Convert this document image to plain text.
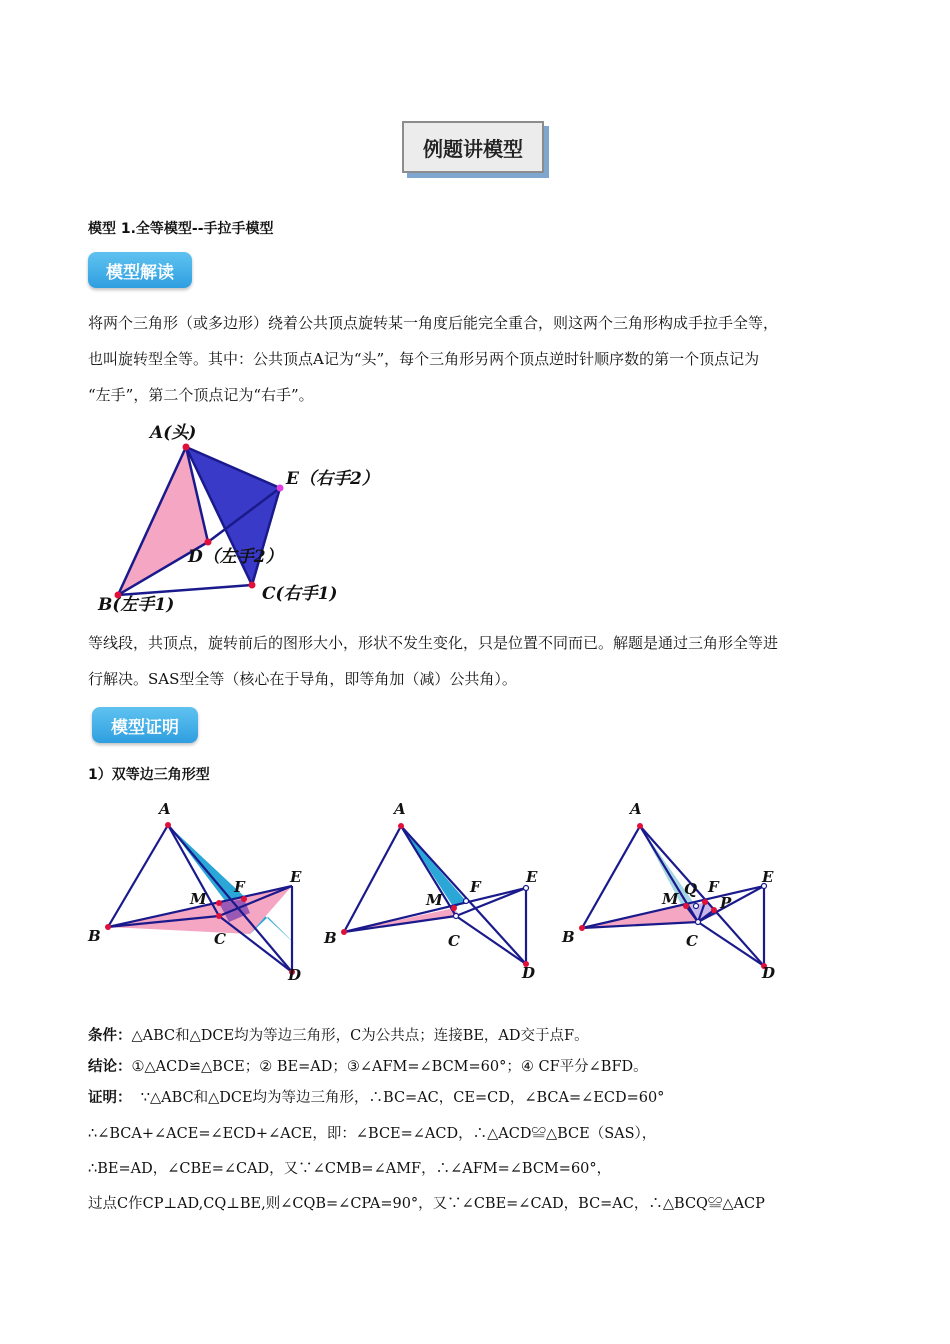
例题讲模型
模型 1.全等模型--手拉手模型
模型解读
将两个三角形（或多边形）绕着公共顶点旋转某一角度后能完全重合，则这两个三角形构成手拉手全等，
也叫旋转型全等。其中：公共顶点A记为“头”，每个三角形另两个顶点逆时针顺序数的第一个顶点记为
“左手”，第二个顶点记为“右手”。
A(头)
E（右手2）
D（左手2）
C(右手1)
B(左手1)
等线段，共顶点，旋转前后的图形大小，形状不发生变化，只是位置不同而已。解题是通过三角形全等进
行解决。SAS型全等（核心在于导角，即等角加（减）公共角）。
模型证明
1）双等边三角形型
A
B	C
D
E
F
M
A
B	C
D
E
F
M
A
B	C
D
E
F
M
Q
P
条件：△ABC和△DCE均为等边三角形，C为公共点；连接BE，AD交于点F。
结论：①△ACD≌△BCE；② BE=AD；③∠AFM=∠BCM=60°；④ CF平分∠BFD。
证明： ∵△ABC和△DCE均为等边三角形，∴BC=AC，CE=CD，∠BCA=∠ECD=60°
∴∠BCA+∠ACE=∠ECD+∠ACE，即：∠BCE=∠ACD，∴△ACD≌△BCE（SAS），
∴BE=AD，∠CBE=∠CAD，又∵∠CMB=∠AMF，∴∠AFM=∠BCM=60°，
过点C作CP⊥AD,CQ⊥BE,则∠CQB=∠CPA=90°，又∵∠CBE=∠CAD，BC=AC，∴△BCQ≌△ACP
